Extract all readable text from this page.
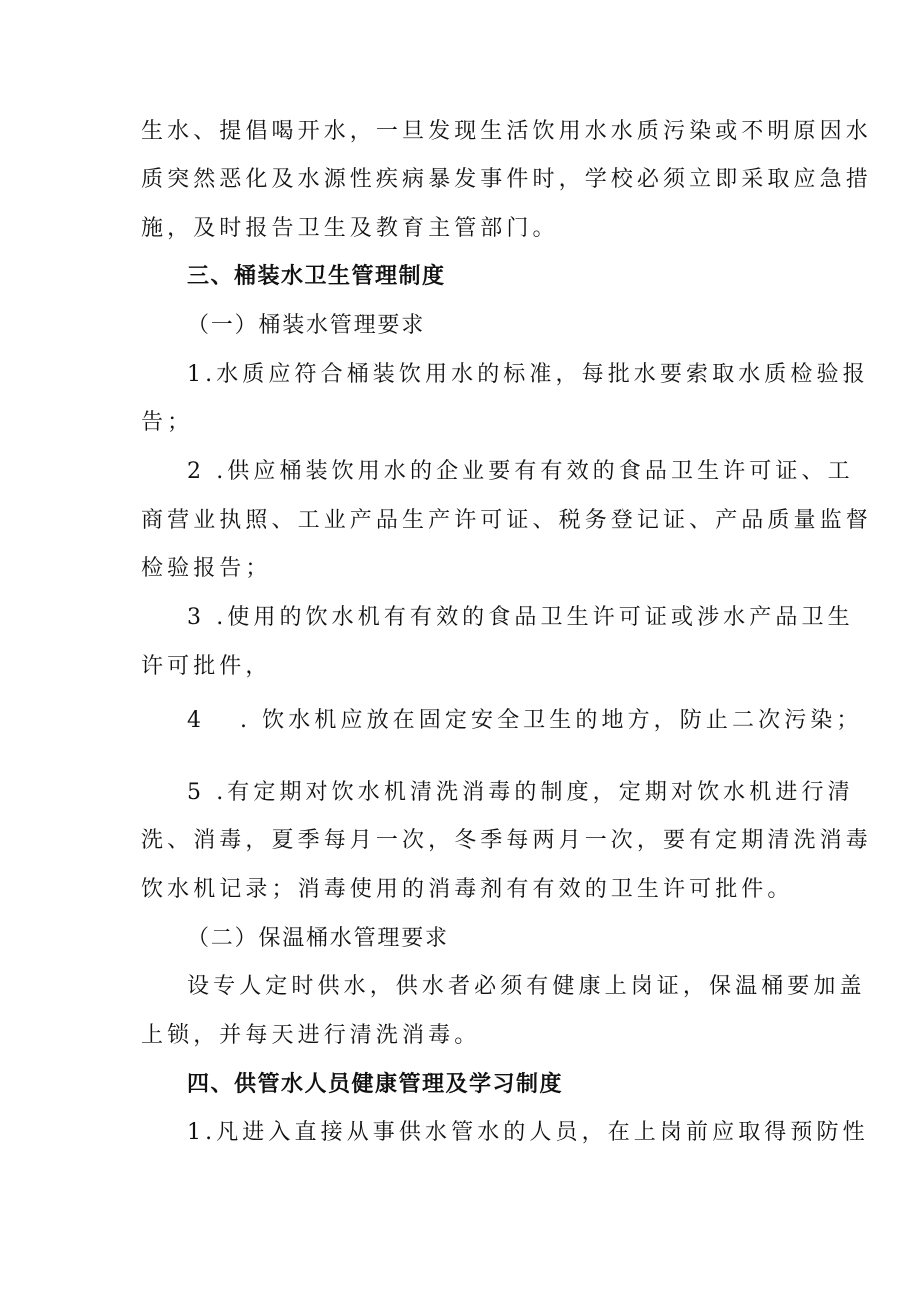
生水、提倡喝开水，一旦发现生活饮用水水质污染或不明原因水
质突然恶化及水源性疾病暴发事件时，学校必须立即采取应急措
施，及时报告卫生及教育主管部门。
三、桶装水卫生管理制度
（一）桶装水管理要求
1.水质应符合桶装饮用水的标准，每批水要索取水质检验报
告；
2 .供应桶装饮用水的企业要有有效的食品卫生许可证、工
商营业执照、工业产品生产许可证、税务登记证、产品质量监督
检验报告；
3 .使用的饮水机有有效的食品卫生许可证或涉水产品卫生
许可批件，
4 . 饮水机应放在固定安全卫生的地方，防止二次污染；
5 .有定期对饮水机清洗消毒的制度，定期对饮水机进行清
洗、消毒，夏季每月一次，冬季每两月一次，要有定期清洗消毒
饮水机记录；消毒使用的消毒剂有有效的卫生许可批件。
（二）保温桶水管理要求
设专人定时供水，供水者必须有健康上岗证，保温桶要加盖
上锁，并每天进行清洗消毒。
四、供管水人员健康管理及学习制度
1.凡进入直接从事供水管水的人员，在上岗前应取得预防性
